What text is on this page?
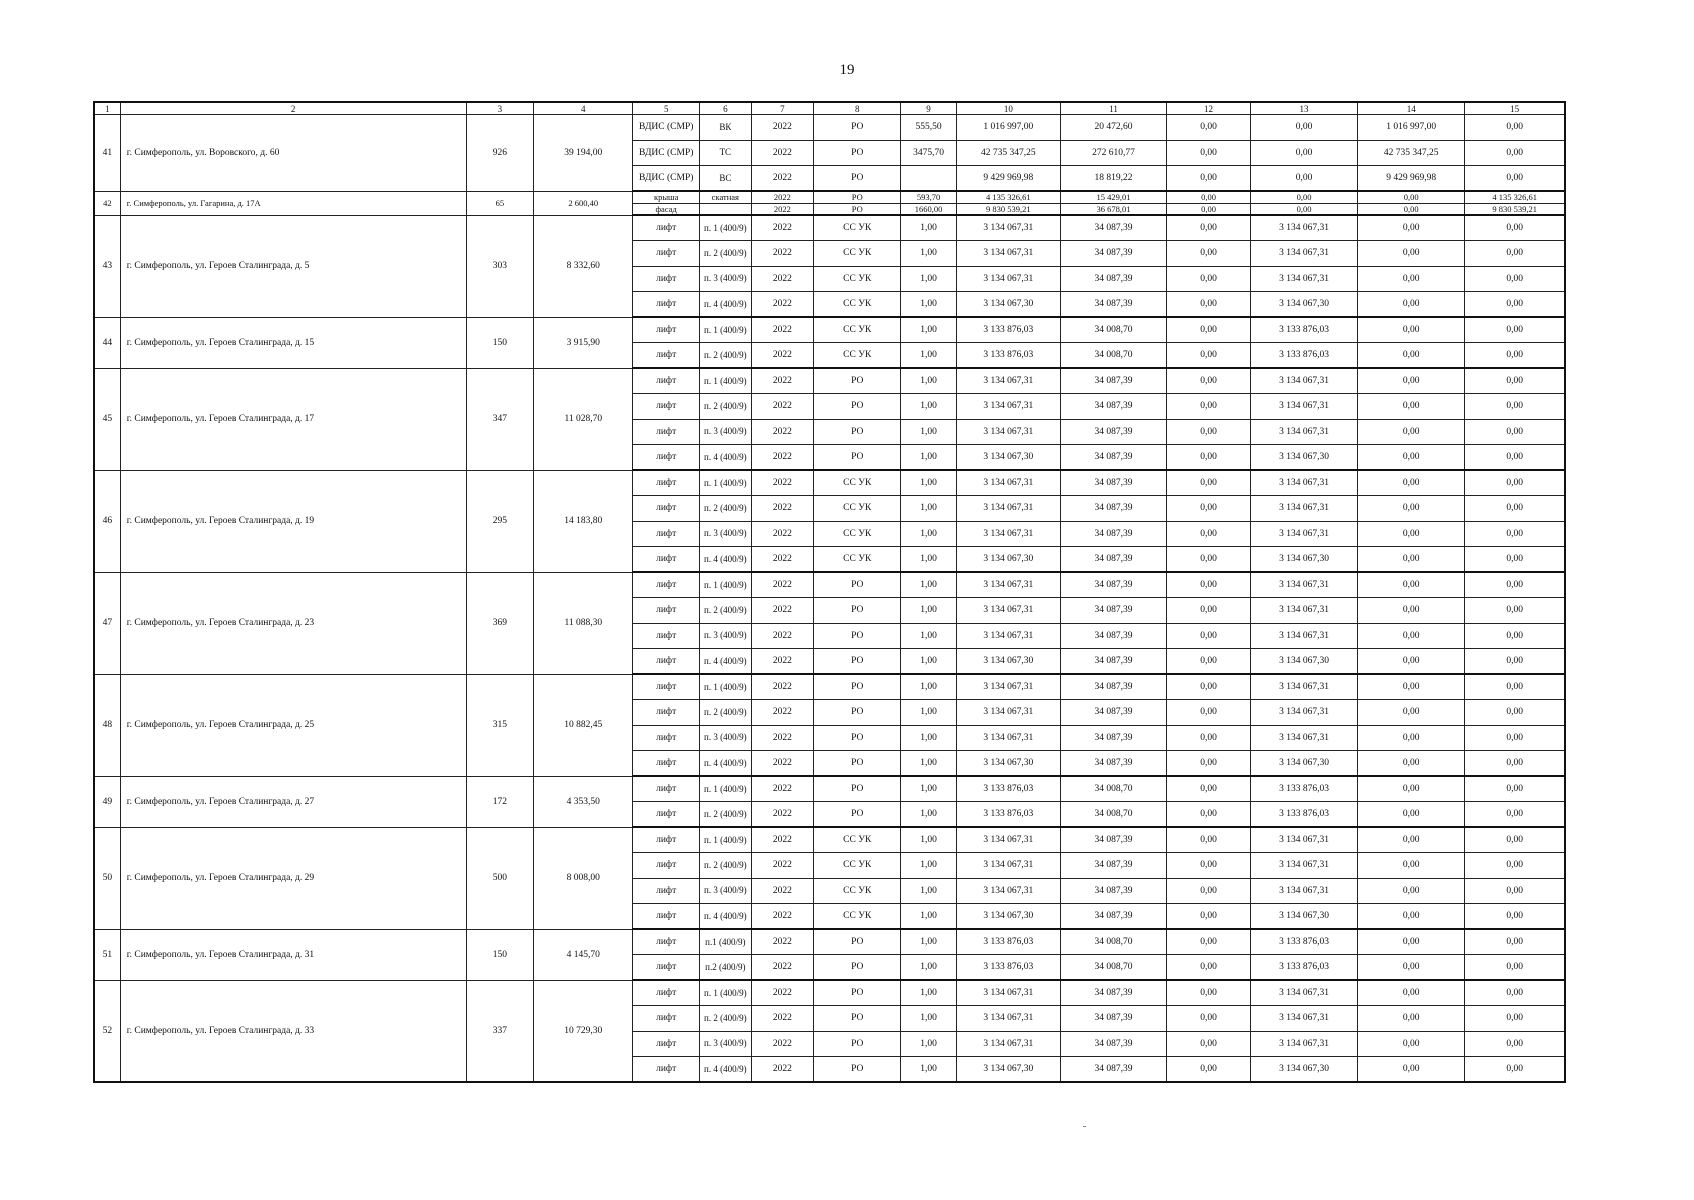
19
1	2	3	4	5	6	7	8	9	10	11	12	13	14	15
41	г. Симферополь, ул. Воровского, д. 60	926	39 194,00	ВДИС (СМР)	ВК	2022	РО	555,50	1 016 997,00	20 472,60	0,00	0,00	1 016 997,00	0,00
				ВДИС (СМР)	ТС	2022	РО	3475,70	42 735 347,25	272 610,77	0,00	0,00	42 735 347,25	0,00
				ВДИС (СМР)	ВС	2022	РО		9 429 969,98	18 819,22	0,00	0,00	9 429 969,98	0,00
42	г. Симферополь, ул. Гагарина, д. 17А	65	2 600,40	крыша	скатная	2022	РО	593,70	4 135 326,61	15 429,01	0,00	0,00	0,00	4 135 326,61
				фасад		2022	РО	1660,00	9 830 539,21	36 678,01	0,00	0,00	0,00	9 830 539,21
43	г. Симферополь, ул. Героев Сталинграда, д. 5	303	8 332,60	лифт	п. 1 (400/9)	2022	СС УК	1,00	3 134 067,31	34 087,39	0,00	3 134 067,31	0,00	0,00
				лифт	п. 2 (400/9)	2022	СС УК	1,00	3 134 067,31	34 087,39	0,00	3 134 067,31	0,00	0,00
				лифт	п. 3 (400/9)	2022	СС УК	1,00	3 134 067,31	34 087,39	0,00	3 134 067,31	0,00	0,00
				лифт	п. 4 (400/9)	2022	СС УК	1,00	3 134 067,30	34 087,39	0,00	3 134 067,30	0,00	0,00
44	г. Симферополь, ул. Героев Сталинграда, д. 15	150	3 915,90	лифт	п. 1 (400/9)	2022	СС УК	1,00	3 133 876,03	34 008,70	0,00	3 133 876,03	0,00	0,00
				лифт	п. 2 (400/9)	2022	СС УК	1,00	3 133 876,03	34 008,70	0,00	3 133 876,03	0,00	0,00
45	г. Симферополь, ул. Героев Сталинграда, д. 17	347	11 028,70	лифт	п. 1 (400/9)	2022	РО	1,00	3 134 067,31	34 087,39	0,00	3 134 067,31	0,00	0,00
				лифт	п. 2 (400/9)	2022	РО	1,00	3 134 067,31	34 087,39	0,00	3 134 067,31	0,00	0,00
				лифт	п. 3 (400/9)	2022	РО	1,00	3 134 067,31	34 087,39	0,00	3 134 067,31	0,00	0,00
				лифт	п. 4 (400/9)	2022	РО	1,00	3 134 067,30	34 087,39	0,00	3 134 067,30	0,00	0,00
46	г. Симферополь, ул. Героев Сталинграда, д. 19	295	14 183,80	лифт	п. 1 (400/9)	2022	СС УК	1,00	3 134 067,31	34 087,39	0,00	3 134 067,31	0,00	0,00
				лифт	п. 2 (400/9)	2022	СС УК	1,00	3 134 067,31	34 087,39	0,00	3 134 067,31	0,00	0,00
				лифт	п. 3 (400/9)	2022	СС УК	1,00	3 134 067,31	34 087,39	0,00	3 134 067,31	0,00	0,00
				лифт	п. 4 (400/9)	2022	СС УК	1,00	3 134 067,30	34 087,39	0,00	3 134 067,30	0,00	0,00
47	г. Симферополь, ул. Героев Сталинграда, д. 23	369	11 088,30	лифт	п. 1 (400/9)	2022	РО	1,00	3 134 067,31	34 087,39	0,00	3 134 067,31	0,00	0,00
				лифт	п. 2 (400/9)	2022	РО	1,00	3 134 067,31	34 087,39	0,00	3 134 067,31	0,00	0,00
				лифт	п. 3 (400/9)	2022	РО	1,00	3 134 067,31	34 087,39	0,00	3 134 067,31	0,00	0,00
				лифт	п. 4 (400/9)	2022	РО	1,00	3 134 067,30	34 087,39	0,00	3 134 067,30	0,00	0,00
48	г. Симферополь, ул. Героев Сталинграда, д. 25	315	10 882,45	лифт	п. 1 (400/9)	2022	РО	1,00	3 134 067,31	34 087,39	0,00	3 134 067,31	0,00	0,00
				лифт	п. 2 (400/9)	2022	РО	1,00	3 134 067,31	34 087,39	0,00	3 134 067,31	0,00	0,00
				лифт	п. 3 (400/9)	2022	РО	1,00	3 134 067,31	34 087,39	0,00	3 134 067,31	0,00	0,00
				лифт	п. 4 (400/9)	2022	РО	1,00	3 134 067,30	34 087,39	0,00	3 134 067,30	0,00	0,00
49	г. Симферополь, ул. Героев Сталинграда, д. 27	172	4 353,50	лифт	п. 1 (400/9)	2022	РО	1,00	3 133 876,03	34 008,70	0,00	3 133 876,03	0,00	0,00
				лифт	п. 2 (400/9)	2022	РО	1,00	3 133 876,03	34 008,70	0,00	3 133 876,03	0,00	0,00
50	г. Симферополь, ул. Героев Сталинграда, д. 29	500	8 008,00	лифт	п. 1 (400/9)	2022	СС УК	1,00	3 134 067,31	34 087,39	0,00	3 134 067,31	0,00	0,00
				лифт	п. 2 (400/9)	2022	СС УК	1,00	3 134 067,31	34 087,39	0,00	3 134 067,31	0,00	0,00
				лифт	п. 3 (400/9)	2022	СС УК	1,00	3 134 067,31	34 087,39	0,00	3 134 067,31	0,00	0,00
				лифт	п. 4 (400/9)	2022	СС УК	1,00	3 134 067,30	34 087,39	0,00	3 134 067,30	0,00	0,00
51	г. Симферополь, ул. Героев Сталинграда, д. 31	150	4 145,70	лифт	п.1 (400/9)	2022	РО	1,00	3 133 876,03	34 008,70	0,00	3 133 876,03	0,00	0,00
				лифт	п.2 (400/9)	2022	РО	1,00	3 133 876,03	34 008,70	0,00	3 133 876,03	0,00	0,00
52	г. Симферополь, ул. Героев Сталинграда, д. 33	337	10 729,30	лифт	п. 1 (400/9)	2022	РО	1,00	3 134 067,31	34 087,39	0,00	3 134 067,31	0,00	0,00
				лифт	п. 2 (400/9)	2022	РО	1,00	3 134 067,31	34 087,39	0,00	3 134 067,31	0,00	0,00
				лифт	п. 3 (400/9)	2022	РО	1,00	3 134 067,31	34 087,39	0,00	3 134 067,31	0,00	0,00
				лифт	п. 4 (400/9)	2022	РО	1,00	3 134 067,30	34 087,39	0,00	3 134 067,30	0,00	0,00
